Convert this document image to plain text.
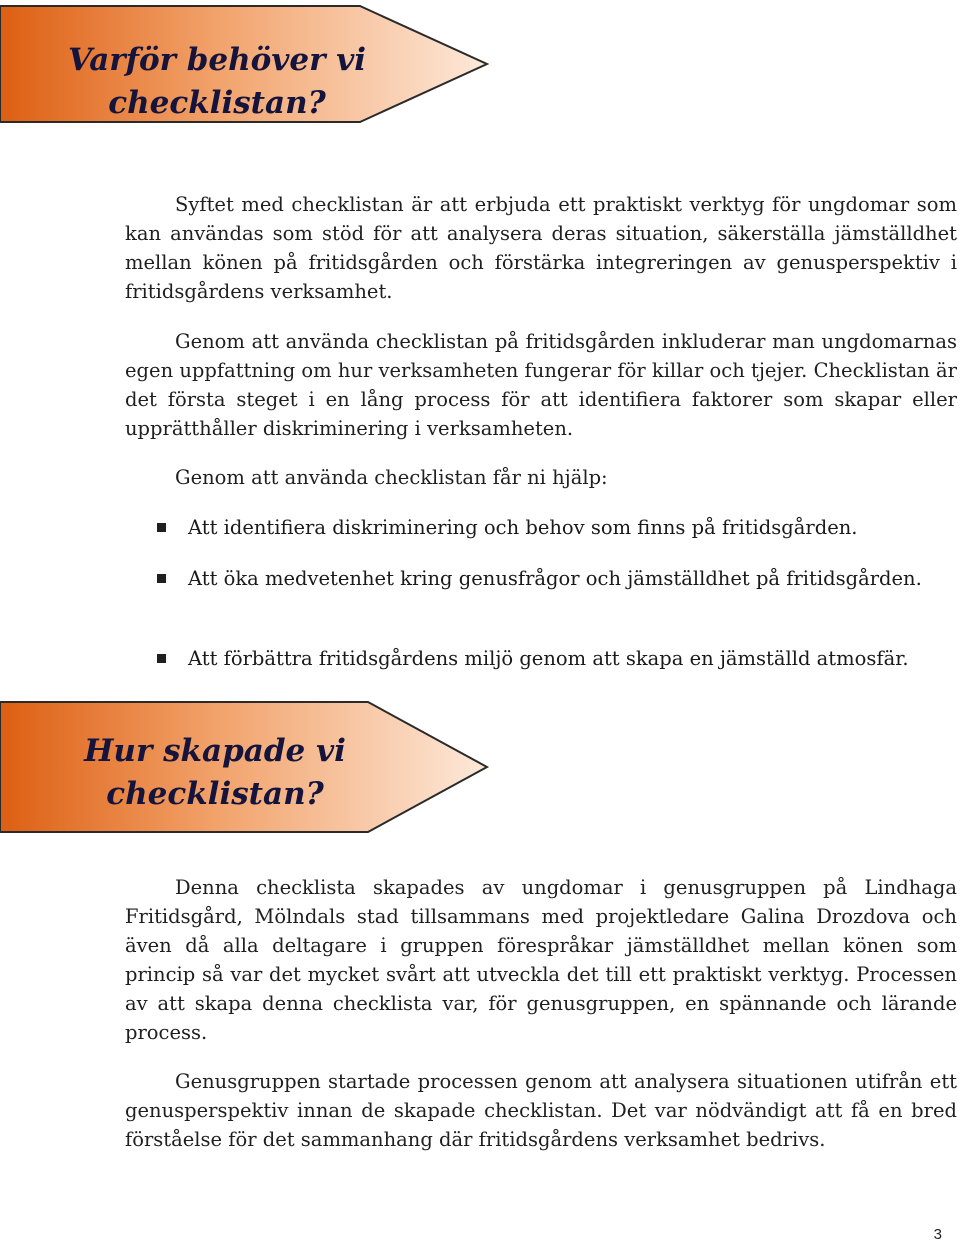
Varför behöver vi
checklistan?

Syftet med checklistan är att erbjuda ett praktiskt verktyg för ungdomar som kan användas som stöd för att analysera deras situation, säkerställa jämställdhet mellan könen på fritidsgården och förstärka integreringen av genusperspektiv i fritidsgårdens verksamhet.

Genom att använda checklistan på fritidsgården inkluderar man ungdomarnas egen uppfattning om hur verksamheten fungerar för killar och tjejer. Checklistan är det första steget i en lång process för att identifiera faktorer som skapar eller upprätthåller diskriminering i verksamheten.

Genom att använda checklistan får ni hjälp:

Att identifiera diskriminering och behov som finns på fritidsgården.
Att öka medvetenhet kring genusfrågor och jämställdhet på fritidsgården.
Att förbättra fritidsgårdens miljö genom att skapa en jämställd atmosfär.
Hur skapade vi
checklistan?

Denna checklista skapades av ungdomar i genusgruppen på Lindhaga Fritidsgård, Mölndals stad tillsammans med projektledare Galina Drozdova och även då alla deltagare i gruppen förespråkar jämställdhet mellan könen som princip så var det mycket svårt att utveckla det till ett praktiskt verktyg. Processen av att skapa denna checklista var, för genusgruppen, en spännande och lärande process.

Genusgruppen startade processen genom att analysera situationen utifrån ett genusperspektiv innan de skapade checklistan. Det var nödvändigt att få en bred förståelse för det sammanhang där fritidsgårdens verksamhet bedrivs.

3
